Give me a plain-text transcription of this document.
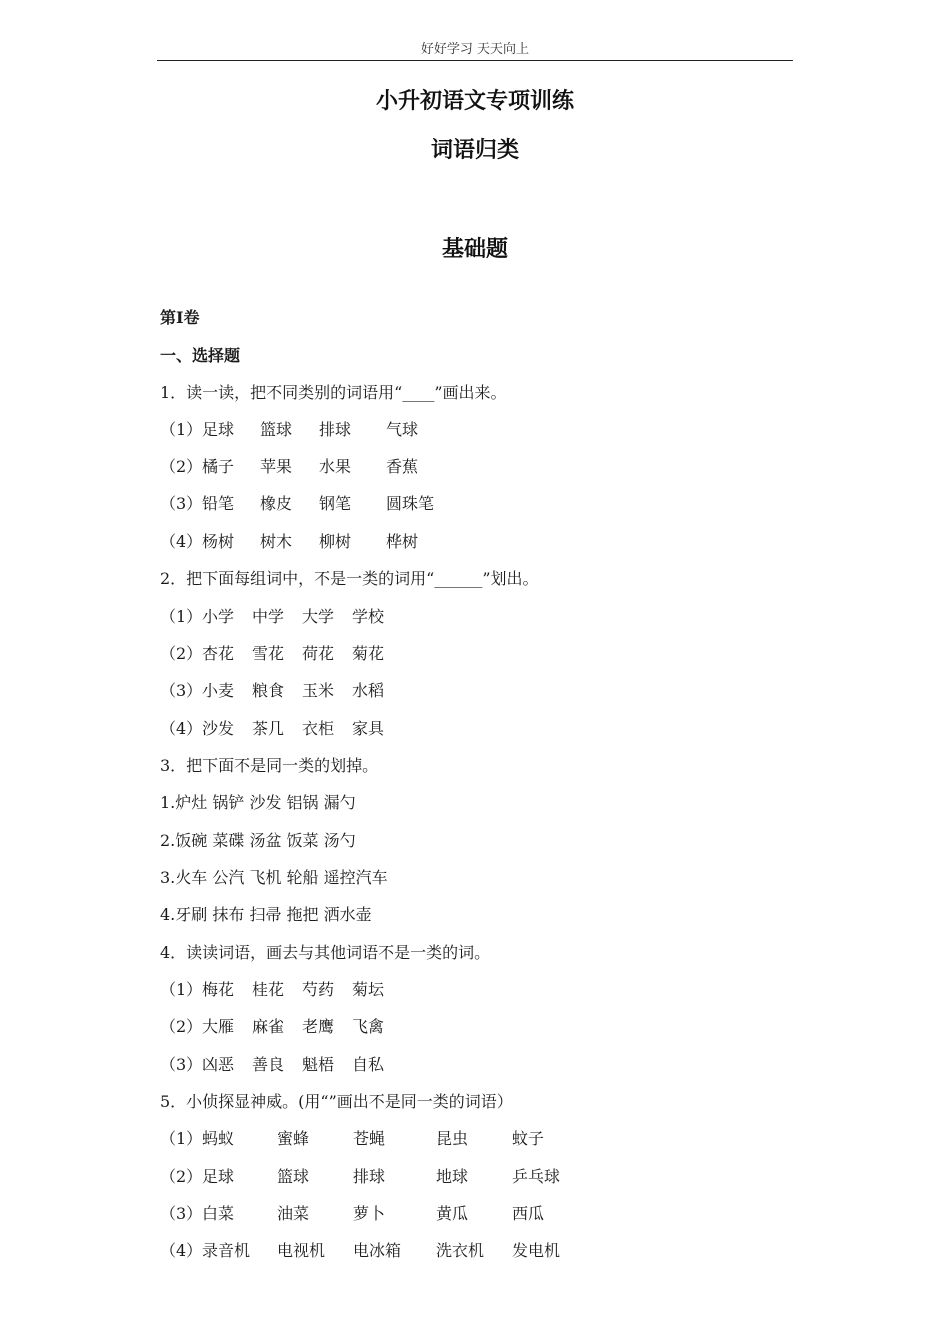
好好学习 天天向上
小升初语文专项训练
词语归类
基础题
第Ⅰ卷
一、选择题
1．读一读，把不同类别的词语用“____”画出来。
（1） 足球 篮球 排球 气球
（2） 橘子 苹果 水果 香蕉
（3） 铅笔 橡皮 钢笔 圆珠笔
（4） 杨树 树木 柳树 桦树
2．把下面每组词中，不是一类的词用“______”划出。
（1） 小学 中学 大学 学校
（2） 杏花 雪花 荷花 菊花
（3） 小麦 粮食 玉米 水稻
（4） 沙发 茶几 衣柜 家具
3．把下面不是同一类的划掉。
1.炉灶 锅铲 沙发 铝锅 漏勺
2.饭碗 菜碟 汤盆 饭菜 汤勺
3.火车 公汽 飞机 轮船 遥控汽车
4.牙刷 抹布 扫帚 拖把 洒水壶
4．读读词语，画去与其他词语不是一类的词。
（1） 梅花 桂花 芍药 菊坛
（2） 大雁 麻雀 老鹰 飞禽
（3） 凶恶 善良 魁梧 自私
5．小侦探显神威。(用“”画出不是同一类的词语）
（1） 蚂蚁	蜜蜂	苍蝇	昆虫	蚊子
（2） 足球	篮球	排球	地球	乒乓球
（3） 白菜	油菜	萝卜	黄瓜	西瓜
（4） 录音机 电视机 电冰箱 洗衣机 发电机
